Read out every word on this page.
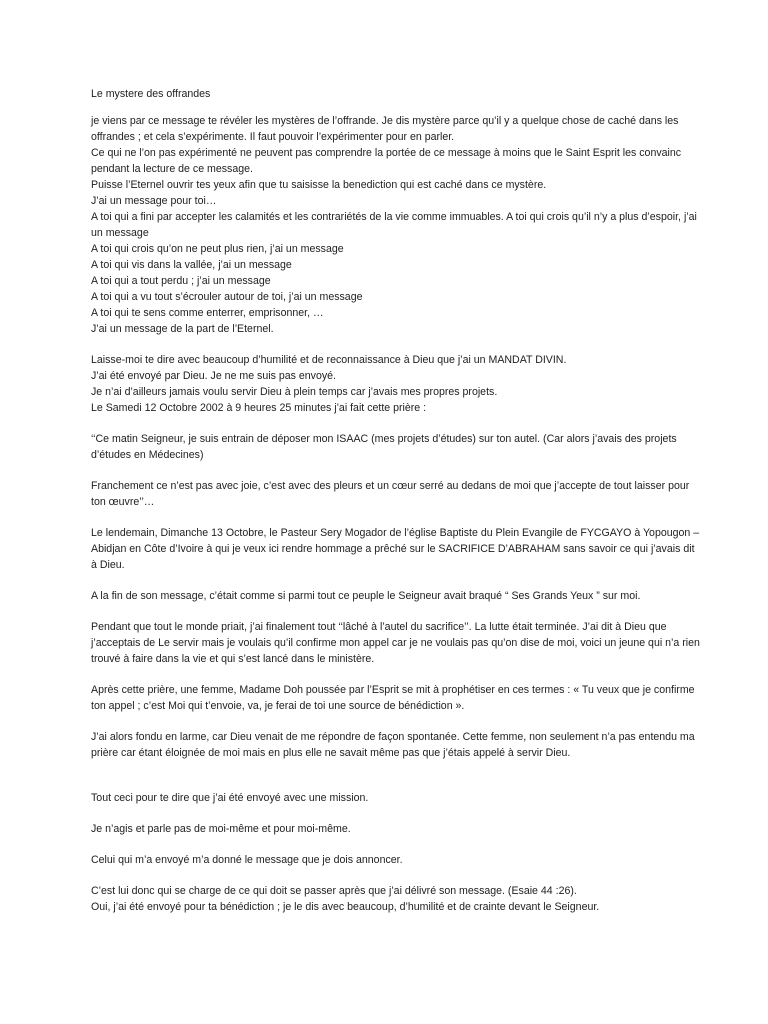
Le mystere des offrandes
je viens par ce message te révéler les mystères de l’offrande. Je dis mystère parce qu’il y a quelque chose de caché dans les offrandes ; et cela s’expérimente. Il faut pouvoir l’expérimenter pour en parler.
Ce qui ne l’on pas expérimenté ne peuvent pas comprendre la portée de ce message à moins que le Saint Esprit les convainc pendant la lecture de ce message.
Puisse l’Eternel ouvrir tes yeux afin que tu saisisse la benediction qui est caché dans ce mystère.
J’ai un message pour toi…
A toi qui a fini par accepter les calamités et les contrariétés de la vie comme immuables. A toi qui crois qu’il n’y a plus d’espoir, j’ai un message
A toi qui crois qu’on ne peut plus rien, j’ai un message
A toi qui vis dans la vallée, j’ai un message
A toi qui a tout perdu ; j’ai un message
A toi qui a vu tout s’écrouler autour de toi, j’ai un message
A toi qui te sens comme enterrer, emprisonner, …
J’ai un message de la part de l’Eternel.
Laisse-moi te dire avec beaucoup d’humilité et de reconnaissance à Dieu que j’ai un MANDAT DIVIN.
J’ai été envoyé par Dieu. Je ne me suis pas envoyé.
Je n’ai d’ailleurs jamais voulu servir Dieu à plein temps car j’avais mes propres projets.
Le Samedi 12 Octobre 2002 à 9 heures 25 minutes j’ai fait cette prière :
‘‘Ce matin Seigneur, je suis entrain de déposer mon ISAAC (mes projets d’études) sur ton autel. (Car alors j’avais des projets d’études en Médecines)
Franchement ce n’est pas avec joie, c’est avec des pleurs et un cœur serré au dedans de moi que j’accepte de tout laisser pour ton œuvre’’…
Le lendemain, Dimanche 13 Octobre, le Pasteur Sery Mogador de l’église Baptiste du Plein Evangile de FYCGAYO à Yopougon – Abidjan en Côte d’Ivoire à qui je veux ici rendre hommage a prêché sur le SACRIFICE D’ABRAHAM sans savoir ce qui j’avais dit à Dieu.
A la fin de son message, c’était comme si parmi tout ce peuple le Seigneur avait braqué “ Ses Grands Yeux ” sur moi.
Pendant que tout le monde priait, j’ai finalement tout ‘‘lâché à l’autel du sacrifice’’. La lutte était terminée. J’ai dit à Dieu que j’acceptais de Le servir mais je voulais qu’il confirme mon appel car je ne voulais pas qu’on dise de moi, voici un jeune qui n’a rien trouvé à faire dans la vie et qui s’est lancé dans le ministère.
Après cette prière, une femme, Madame Doh poussée par l’Esprit se mit à prophétiser en ces termes : « Tu veux que je confirme ton appel ; c’est Moi qui t’envoie, va, je ferai de toi une source de bénédiction ».
J’ai alors fondu en larme, car Dieu venait de me répondre de façon spontanée. Cette femme, non seulement n’a pas entendu ma prière car étant éloignée de moi mais en plus elle ne savait même pas que j’étais appelé à servir Dieu.
Tout ceci pour te dire que j’ai été envoyé avec une mission.
Je n’agis et parle pas de moi-même et pour moi-même.
Celui qui m’a envoyé m’a donné le message que je dois annoncer.
C’est lui donc qui se charge de ce qui doit se passer après que j’ai délivré son message. (Esaie 44 :26).
Oui, j’ai été envoyé pour ta bénédiction ; je le dis avec beaucoup, d’humilité et de crainte devant le Seigneur.
